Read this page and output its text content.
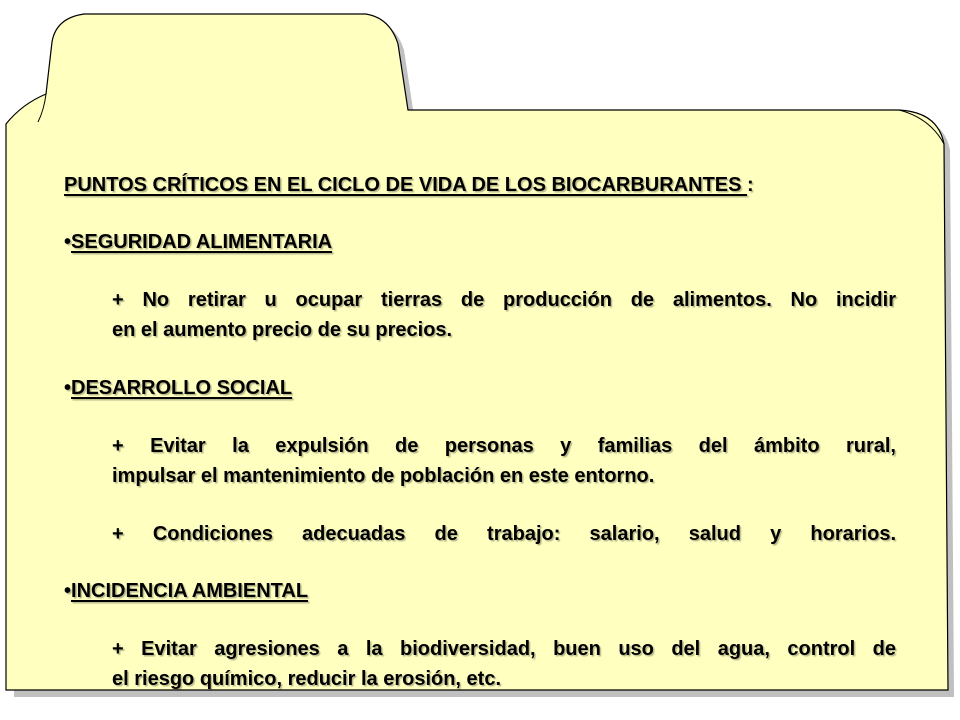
PUNTOS CRÍTICOS EN EL CICLO DE VIDA DE LOS BIOCARBURANTES :
•SEGURIDAD ALIMENTARIA
+ No retirar u ocupar tierras de producción de alimentos. No incidir
en el aumento precio de su precios.
•DESARROLLO SOCIAL
+ Evitar la expulsión de personas y familias del ámbito rural,
impulsar el mantenimiento de población en este entorno.
+ Condiciones adecuadas de trabajo: salario, salud y horarios.
•INCIDENCIA AMBIENTAL
+ Evitar agresiones a la biodiversidad, buen uso del agua, control de
el riesgo químico, reducir la erosión, etc.
